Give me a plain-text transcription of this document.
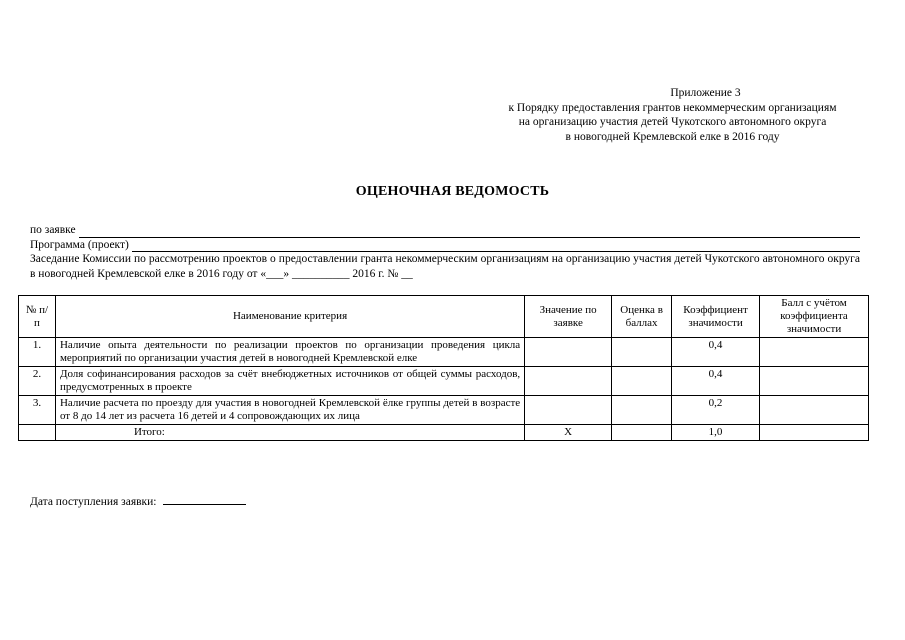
Приложение 3
к Порядку предоставления грантов некоммерческим организациям
на организацию участия детей Чукотского автономного округа
в новогодней Кремлевской елке в 2016 году
ОЦЕНОЧНАЯ ВЕДОМОСТЬ
по заявке
Программа (проект)
Заседание Комиссии по рассмотрению проектов о предоставлении гранта некоммерческим организациям на организацию участия детей Чукотского автономного округа в новогодней Кремлевской елке в 2016 году от «___» __________ 2016 г. № __
№ п/п	Наименование критерия	Значение по заявке	Оценка в баллах	Коэффициент значимости	Балл с учётом коэффициента значимости
1.	Наличие опыта деятельности по реализации проектов по организации проведения цикла мероприятий по организации участия детей в новогодней Кремлевской елке			0,4	
2.	Доля софинансирования расходов за счёт внебюджетных источников от общей суммы расходов, предусмотренных в проекте			0,4	
3.	Наличие расчета по проезду для участия в новогодней Кремлевской ёлке группы детей в возрасте от 8 до 14 лет из расчета 16 детей и 4 сопровождающих их лица			0,2	
	Итого:	X		1,0	
Дата поступления заявки:
